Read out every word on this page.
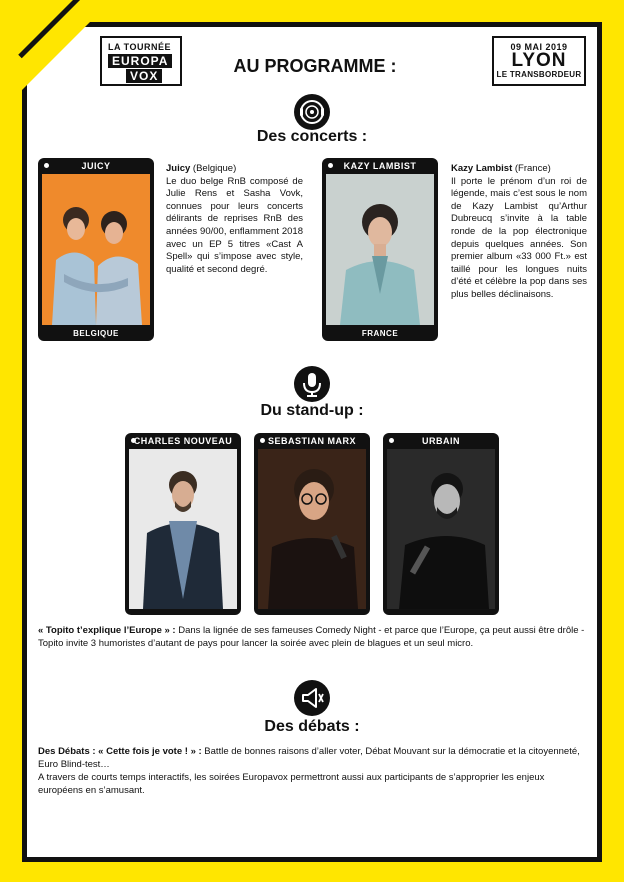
LA TOURNÉE
EUROPA
VOX	AU PROGRAMME :
09 MAI 2019
LYON
LE TRANSBORDEUR
Des concerts :
JUICY
BELGIQUE
Juicy (Belgique)
Le duo belge RnB composé de Julie Rens et Sasha Vovk, connues pour leurs concerts délirants de reprises RnB des années 90/00, enflamment 2018 avec un EP 5 titres «Cast A Spell» qui s’impose avec style, qualité et second degré.
KAZY LAMBIST
FRANCE
Kazy Lambist (France)
Il porte le prénom d’un roi de légende, mais c’est sous le nom de Kazy Lambist qu’Arthur Dubreucq s’invite à la table ronde de la pop électronique depuis quelques années. Son premier album «33 000 Ft.» est taillé pour les longues nuits d’été et célèbre la pop dans ses plus belles déclinaisons.
Du stand-up :
CHARLES NOUVEAU	SEBASTIAN MARX	URBAIN
« Topito t’explique l’Europe » : Dans la lignée de ses fameuses Comedy Night - et parce que l’Europe, ça peut aussi être drôle - Topito invite 3 humoristes d’autant de pays pour lancer la soirée avec plein de blagues et un seul micro.
Des débats :
Des Débats : « Cette fois je vote ! » : Battle de bonnes raisons d’aller voter, Débat Mouvant sur la démocratie et la citoyenneté, Euro Blind-test…
A travers de courts temps interactifs, les soirées Europavox permettront aussi aux participants de s’approprier les enjeux européens en s’amusant.
